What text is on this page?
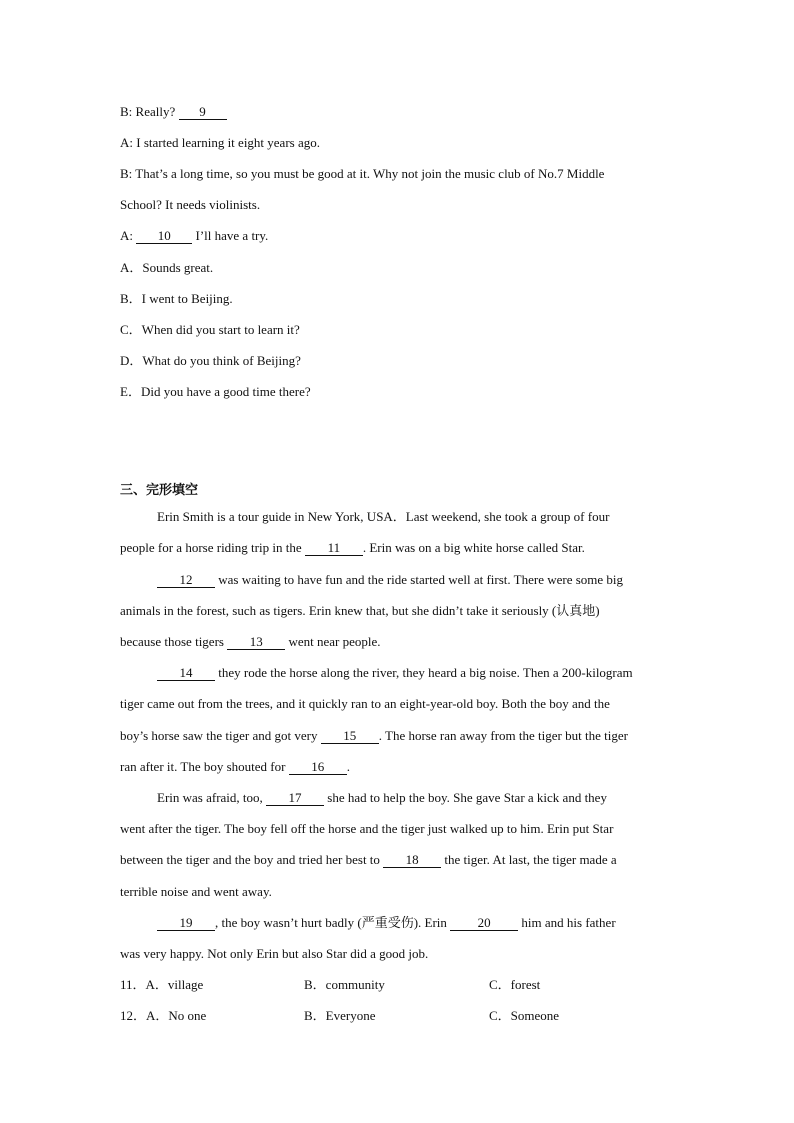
B: Really? 9
A: I started learning it eight years ago.
B: That’s a long time, so you must be good at it. Why not join the music club of No.7 Middle
School? It needs violinists.
A: 10 I’ll have a try.
A．Sounds great.
B．I went to Beijing.
C．When did you start to learn it?
D．What do you think of Beijing?
E．Did you have a good time there?
三、完形填空
Erin Smith is a tour guide in New York, USA．Last weekend, she took a group of four
people for a horse riding trip in the 11 . Erin was on a big white horse called Star.
12 was waiting to have fun and the ride started well at first. There were some big
animals in the forest, such as tigers. Erin knew that, but she didn’t take it seriously (认真地)
because those tigers 13 went near people.
14 they rode the horse along the river, they heard a big noise. Then a 200-kilogram
tiger came out from the trees, and it quickly ran to an eight-year-old boy. Both the boy and the
boy’s horse saw the tiger and got very 15 . The horse ran away from the tiger but the tiger
ran after it. The boy shouted for 16 .
Erin was afraid, too, 17 she had to help the boy. She gave Star a kick and they
went after the tiger. The boy fell off the horse and the tiger just walked up to him. Erin put Star
between the tiger and the boy and tried her best to 18 the tiger. At last, the tiger made a
terrible noise and went away.
19 , the boy wasn’t hurt badly (严重受伤). Erin 20 him and his father
was very happy. Not only Erin but also Star did a good job.
11．A．village	B．community	C．forest
12．A．No one	B．Everyone	C．Someone
